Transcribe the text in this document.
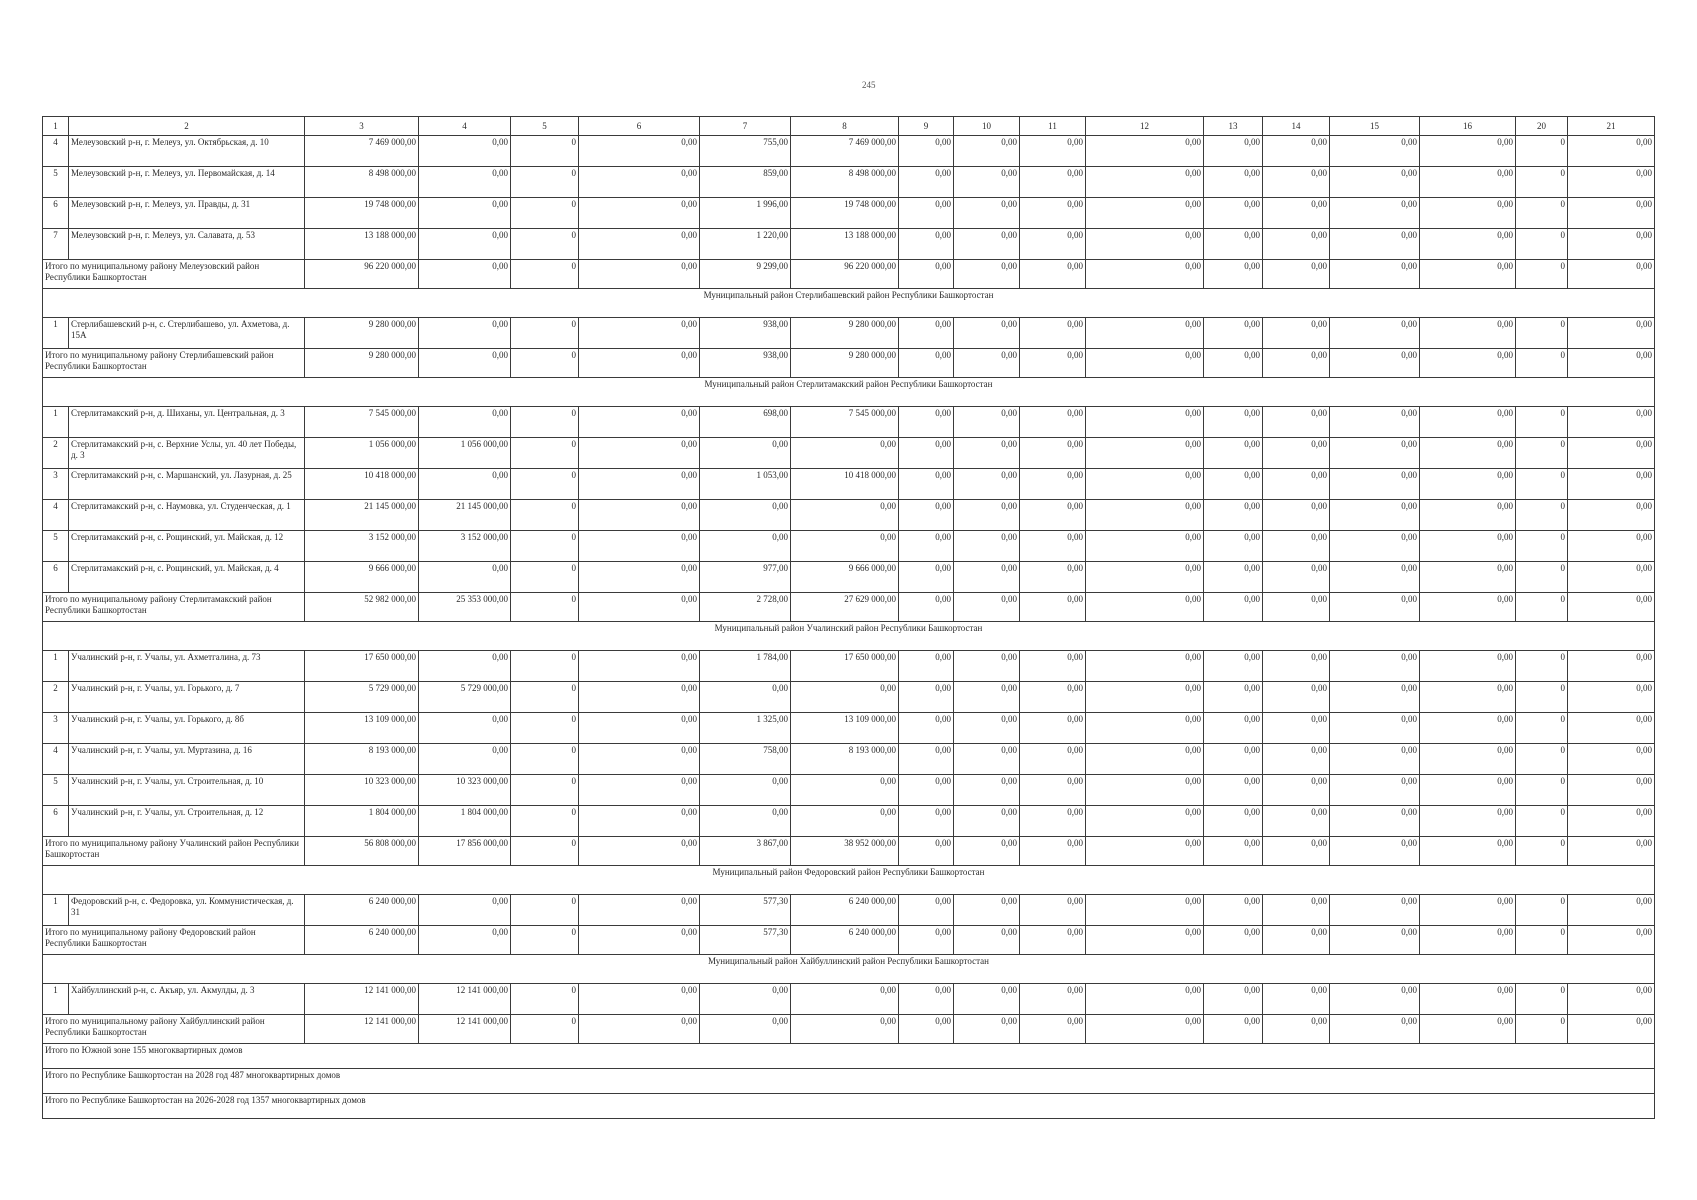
245
1	2	3	4	5	6	7	8	9	10	11	12	13	14	15	16	20	21
4	Мелеузовский р-н, г. Мелеуз, ул. Октябрьская, д. 10	7 469 000,00	0,00	0	0,00	755,00	7 469 000,00	0,00	0,00	0,00	0,00	0,00	0,00	0,00	0,00	0	0,00
5	Мелеузовский р-н, г. Мелеуз, ул. Первомайская, д. 14	8 498 000,00	0,00	0	0,00	859,00	8 498 000,00	0,00	0,00	0,00	0,00	0,00	0,00	0,00	0,00	0	0,00
6	Мелеузовский р-н, г. Мелеуз, ул. Правды, д. 31	19 748 000,00	0,00	0	0,00	1 996,00	19 748 000,00	0,00	0,00	0,00	0,00	0,00	0,00	0,00	0,00	0	0,00
7	Мелеузовский р-н, г. Мелеуз, ул. Салавата, д. 53	13 188 000,00	0,00	0	0,00	1 220,00	13 188 000,00	0,00	0,00	0,00	0,00	0,00	0,00	0,00	0,00	0	0,00
Итого по муниципальному району Мелеузовский район Республики Башкортостан		96 220 000,00	0,00	0	0,00	9 299,00	96 220 000,00	0,00	0,00	0,00	0,00	0,00	0,00	0,00	0,00	0	0,00
Муниципальный район Стерлибашевский район Республики Башкортостан																	

1	Стерлибашевский р-н, с. Стерлибашево, ул. Ахметова, д. 15А	9 280 000,00	0,00	0	0,00	938,00	9 280 000,00	0,00	0,00	0,00	0,00	0,00	0,00	0,00	0,00	0	0,00
Итого по муниципальному району Стерлибашевский район Республики Башкортостан		9 280 000,00	0,00	0	0,00	938,00	9 280 000,00	0,00	0,00	0,00	0,00	0,00	0,00	0,00	0,00	0	0,00
Муниципальный район Стерлитамакский район Республики Башкортостан																	

1	Стерлитамакский р-н, д. Шиханы, ул. Центральная, д. 3	7 545 000,00	0,00	0	0,00	698,00	7 545 000,00	0,00	0,00	0,00	0,00	0,00	0,00	0,00	0,00	0	0,00
2	Стерлитамакский р-н, с. Верхние Услы, ул. 40 лет Победы, д. 3	1 056 000,00	1 056 000,00	0	0,00	0,00	0,00	0,00	0,00	0,00	0,00	0,00	0,00	0,00	0,00	0	0,00
3	Стерлитамакский р-н, с. Маршанский, ул. Лазурная, д. 25	10 418 000,00	0,00	0	0,00	1 053,00	10 418 000,00	0,00	0,00	0,00	0,00	0,00	0,00	0,00	0,00	0	0,00
4	Стерлитамакский р-н, с. Наумовка, ул. Студенческая, д. 1	21 145 000,00	21 145 000,00	0	0,00	0,00	0,00	0,00	0,00	0,00	0,00	0,00	0,00	0,00	0,00	0	0,00
5	Стерлитамакский р-н, с. Рощинский, ул. Майская, д. 12	3 152 000,00	3 152 000,00	0	0,00	0,00	0,00	0,00	0,00	0,00	0,00	0,00	0,00	0,00	0,00	0	0,00
6	Стерлитамакский р-н, с. Рощинский, ул. Майская, д. 4	9 666 000,00	0,00	0	0,00	977,00	9 666 000,00	0,00	0,00	0,00	0,00	0,00	0,00	0,00	0,00	0	0,00
Итого по муниципальному району Стерлитамакский район Республики Башкортостан		52 982 000,00	25 353 000,00	0	0,00	2 728,00	27 629 000,00	0,00	0,00	0,00	0,00	0,00	0,00	0,00	0,00	0	0,00
Муниципальный район Учалинский район Республики Башкортостан																	

1	Учалинский р-н, г. Учалы, ул. Ахметгалина, д. 73	17 650 000,00	0,00	0	0,00	1 784,00	17 650 000,00	0,00	0,00	0,00	0,00	0,00	0,00	0,00	0,00	0	0,00
2	Учалинский р-н, г. Учалы, ул. Горького, д. 7	5 729 000,00	5 729 000,00	0	0,00	0,00	0,00	0,00	0,00	0,00	0,00	0,00	0,00	0,00	0,00	0	0,00
3	Учалинский р-н, г. Учалы, ул. Горького, д. 8б	13 109 000,00	0,00	0	0,00	1 325,00	13 109 000,00	0,00	0,00	0,00	0,00	0,00	0,00	0,00	0,00	0	0,00
4	Учалинский р-н, г. Учалы, ул. Муртазина, д. 16	8 193 000,00	0,00	0	0,00	758,00	8 193 000,00	0,00	0,00	0,00	0,00	0,00	0,00	0,00	0,00	0	0,00
5	Учалинский р-н, г. Учалы, ул. Строительная, д. 10	10 323 000,00	10 323 000,00	0	0,00	0,00	0,00	0,00	0,00	0,00	0,00	0,00	0,00	0,00	0,00	0	0,00
6	Учалинский р-н, г. Учалы, ул. Строительная, д. 12	1 804 000,00	1 804 000,00	0	0,00	0,00	0,00	0,00	0,00	0,00	0,00	0,00	0,00	0,00	0,00	0	0,00
Итого по муниципальному району Учалинский район Республики Башкортостан		56 808 000,00	17 856 000,00	0	0,00	3 867,00	38 952 000,00	0,00	0,00	0,00	0,00	0,00	0,00	0,00	0,00	0	0,00
Муниципальный район Федоровский район Республики Башкортостан																	

1	Федоровский р-н, с. Федоровка, ул. Коммунистическая, д. 31	6 240 000,00	0,00	0	0,00	577,30	6 240 000,00	0,00	0,00	0,00	0,00	0,00	0,00	0,00	0,00	0	0,00
Итого по муниципальному району Федоровский район Республики Башкортостан		6 240 000,00	0,00	0	0,00	577,30	6 240 000,00	0,00	0,00	0,00	0,00	0,00	0,00	0,00	0,00	0	0,00
Муниципальный район Хайбуллинский район Республики Башкортостан																	

1	Хайбуллинский р-н, с. Акъяр, ул. Акмулды, д. 3	12 141 000,00	12 141 000,00	0	0,00	0,00	0,00	0,00	0,00	0,00	0,00	0,00	0,00	0,00	0,00	0	0,00
Итого по муниципальному району Хайбуллинский район Республики Башкортостан		12 141 000,00	12 141 000,00	0	0,00	0,00	0,00	0,00	0,00	0,00	0,00	0,00	0,00	0,00	0,00	0	0,00
Итого по Южной зоне 155 многоквартирных домов																	
Итого по Республике Башкортостан на 2028 год 487 многоквартирных домов																	
Итого по Республике Башкортостан на 2026-2028 год 1357 многоквартирных домов																	
